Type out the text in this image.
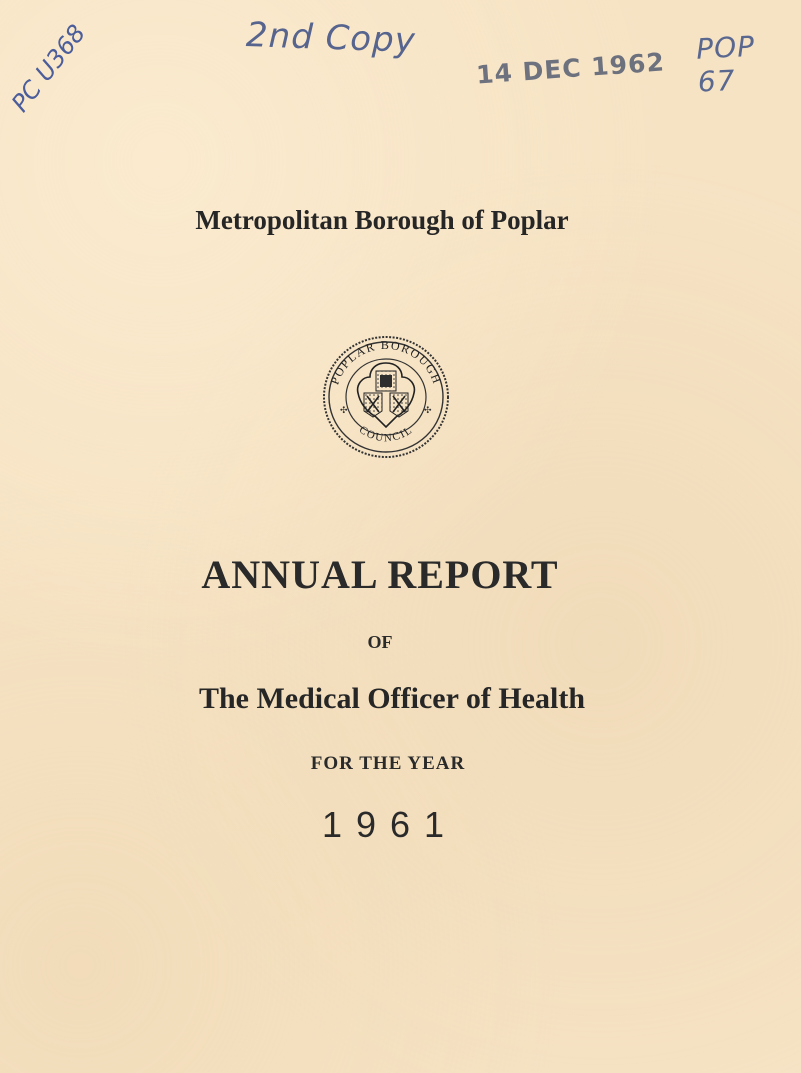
PC U368	2nd Copy
14 DEC 1962 POP 67
Metropolitan Borough of Poplar
POPLAR BOROUGH
COUNCIL
✣	✣
ANNUAL REPORT
OF
The Medical Officer of Health
FOR THE YEAR
1961
